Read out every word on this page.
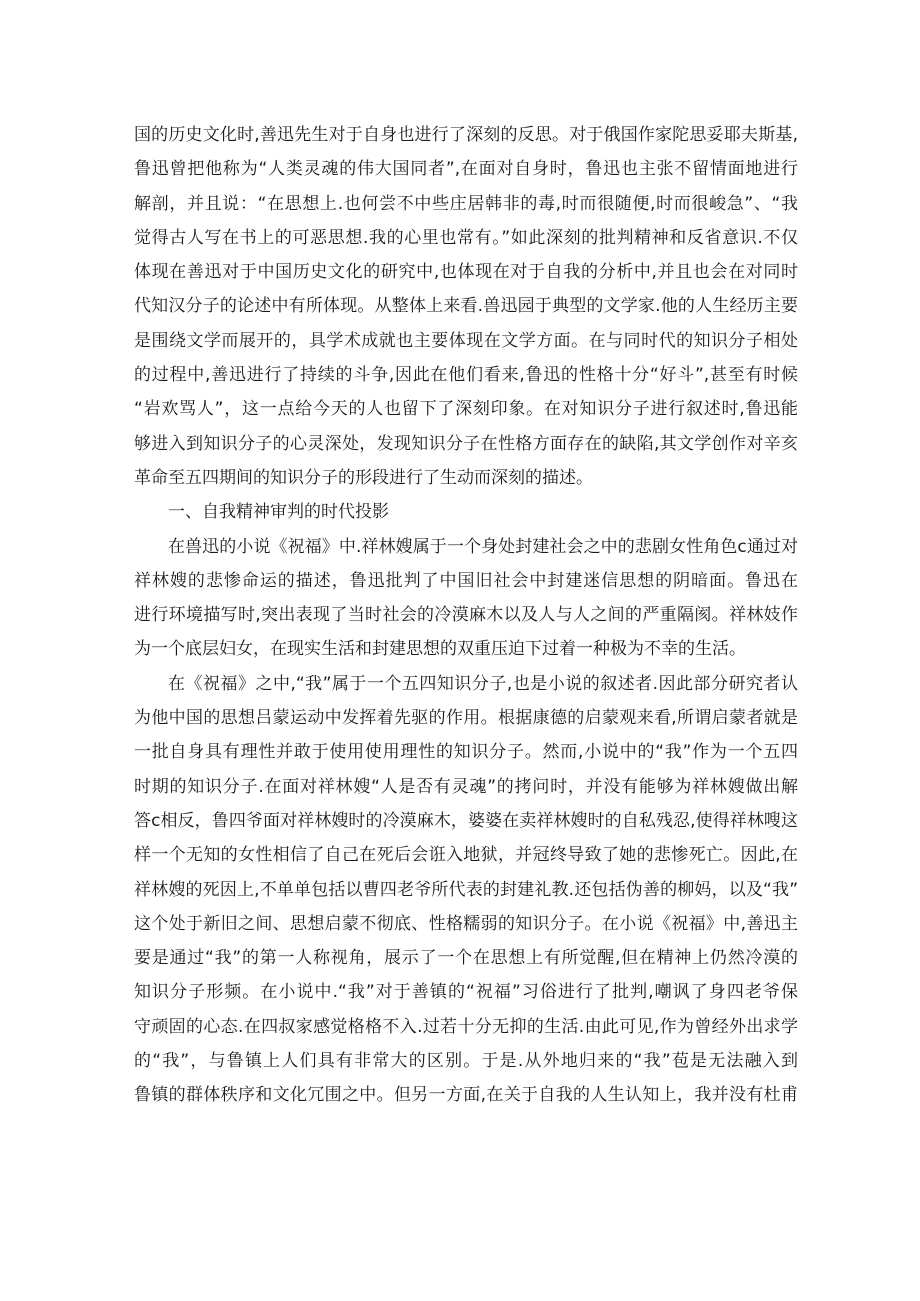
国的历史文化时,善迅先生对于自身也进行了深刻的反思。对于俄国作家陀思妥耶夫斯基,
鲁迅曾把他称为“人类灵魂的伟大国同者”,在面对自身时，鲁迅也主张不留情面地进行
解剖，并且说：“在思想上.也何尝不中些庄居韩非的毒,时而很随便,时而很峻急”、“我
觉得古人写在书上的可恶思想.我的心里也常有。”如此深刻的批判精神和反省意识.不仅
体现在善迅对于中国历史文化的研究中,也体现在对于自我的分析中,并且也会在对同时
代知汉分子的论述中有所体现。从整体上来看.兽迅园于典型的文学家.他的人生经历主要
是围绕文学而展开的，具学术成就也主要体现在文学方面。在与同时代的知识分子相处
的过程中,善迅进行了持续的斗争,因此在他们看来,鲁迅的性格十分“好斗”,甚至有时候
“岩欢骂人”，这一点给今天的人也留下了深刻印象。在对知识分子进行叙述时,鲁迅能
够进入到知识分子的心灵深处，发现知识分子在性格方面存在的缺陷,其文学创作对辛亥
革命至五四期间的知识分子的形段进行了生动而深刻的描述。
一、自我精神审判的时代投影
在兽迅的小说《祝福》中.祥林嫂属于一个身处封建社会之中的悲剧女性角色c通过对
祥林嫂的悲惨命运的描述，鲁迅批判了中国旧社会中封建迷信思想的阴暗面。鲁迅在
进行环境描写时,突出表现了当时社会的冷漠麻木以及人与人之间的严重隔阂。祥林妓作
为一个底层妇女，在现实生活和封建思想的双重压迫下过着一种极为不幸的生活。
在《祝福》之中,“我”属于一个五四知识分子,也是小说的叙述者.因此部分研究者认
为他中国的思想吕蒙运动中发挥着先驱的作用。根据康德的启蒙观来看,所谓启蒙者就是
一批自身具有理性并敢于使用使用理性的知识分子。然而,小说中的“我”作为一个五四
时期的知识分子.在面对祥林嫂“人是否有灵魂”的拷问时，并没有能够为祥林嫂做出解
答c相反，鲁四爷面对祥林嫂时的冷漠麻木，婆婆在卖祥林嫂时的自私残忍,使得祥林嗖这
样一个无知的女性相信了自己在死后会诳入地狱，并冠终导致了她的悲惨死亡。因此,在
祥林嫂的死因上,不单单包括以曹四老爷所代表的封建礼教.还包括伪善的柳妈，以及“我”
这个处于新旧之间、思想启蒙不彻底、性格糯弱的知识分子。在小说《祝福》中,善迅主
要是通过“我”的第一人称视角，展示了一个在思想上有所觉醒,但在精神上仍然冷漠的
知识分子形频。在小说中.“我”对于善镇的“祝福”习俗进行了批判,嘲讽了身四老爷保
守顽固的心态.在四叔家感觉格格不入.过若十分无抑的生活.由此可见,作为曾经外出求学
的“我”，与鲁镇上人们具有非常大的区别。于是.从外地归来的“我”苞是无法融入到
鲁镇的群体秩序和文化冗围之中。但另一方面,在关于自我的人生认知上，我并没有杜甫
